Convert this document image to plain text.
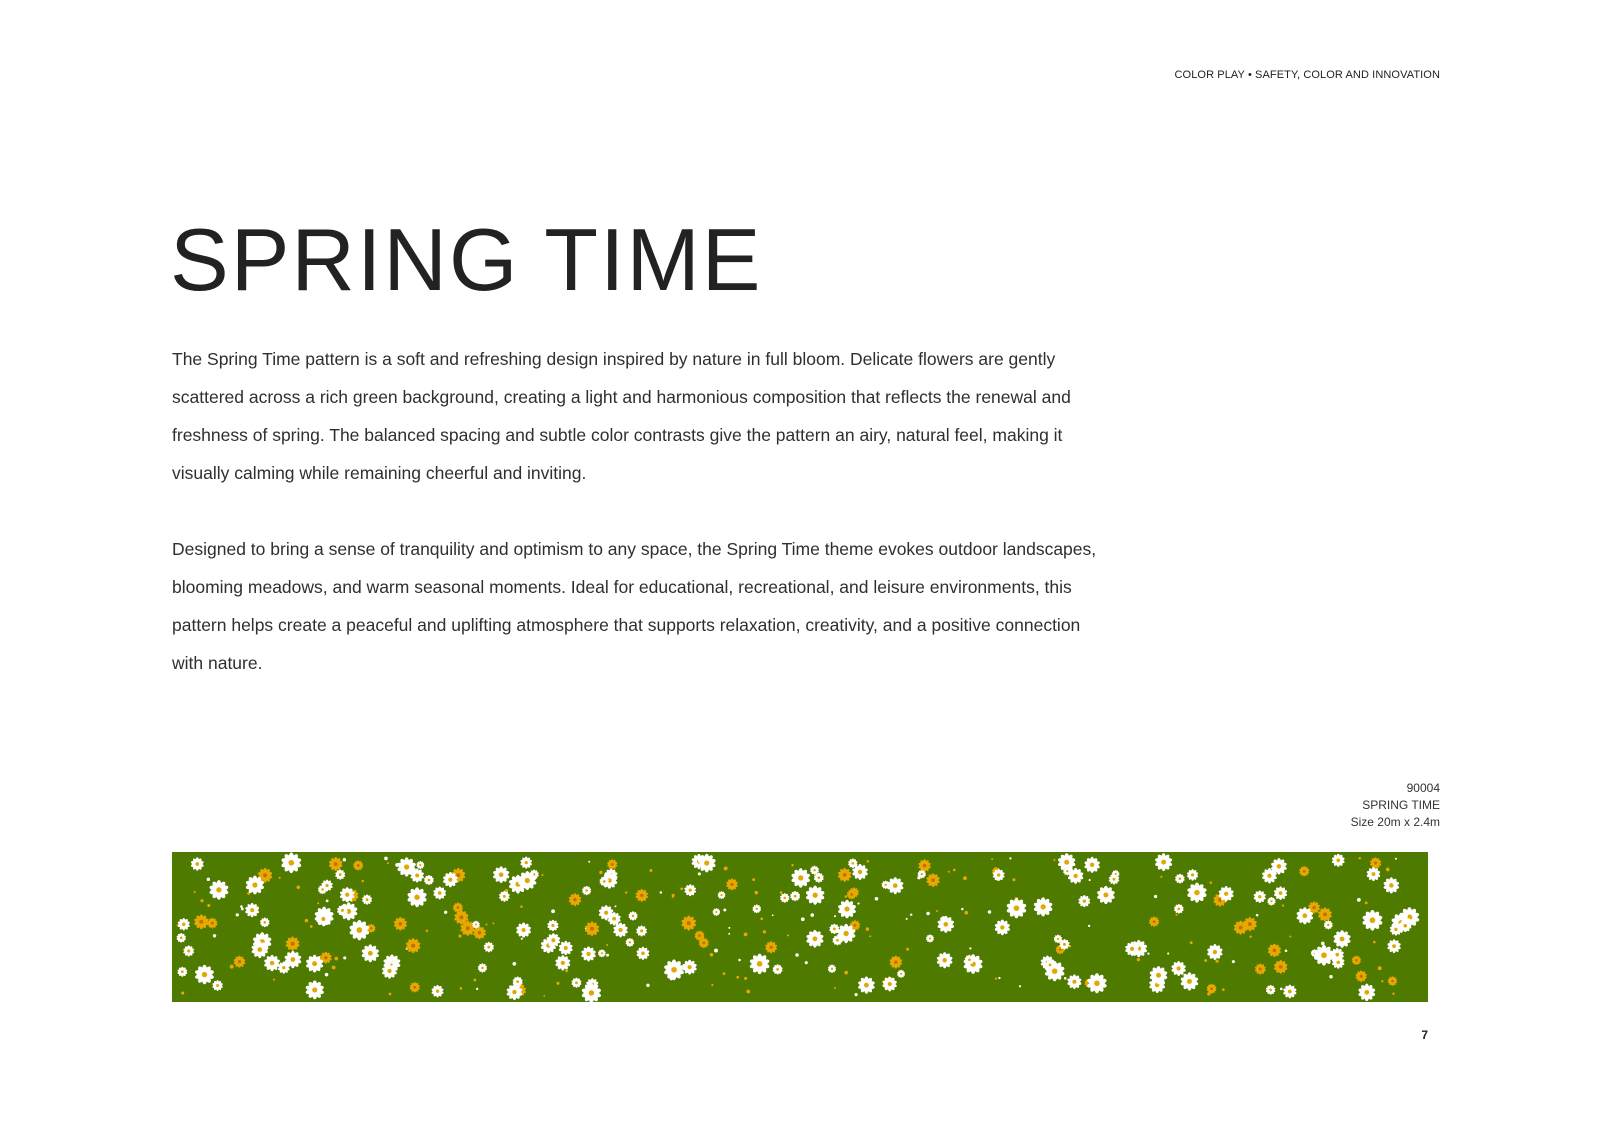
COLOR PLAY • SAFETY, COLOR AND INNOVATION
SPRING TIME

The Spring Time pattern is a soft and refreshing design inspired by nature in full bloom. Delicate flowers are gently scattered across a rich green background, creating a light and harmonious composition that reflects the renewal and freshness of spring. The balanced spacing and subtle color contrasts give the pattern an airy, natural feel, making it visually calming while remaining cheerful and inviting.

Designed to bring a sense of tranquility and optimism to any space, the Spring Time theme evokes outdoor landscapes, blooming meadows, and warm seasonal moments. Ideal for educational, recreational, and leisure environments, this pattern helps create a peaceful and uplifting atmosphere that supports relaxation, creativity, and a positive connection with nature.

90004
SPRING TIME
Size 20m x 2.4m
7
